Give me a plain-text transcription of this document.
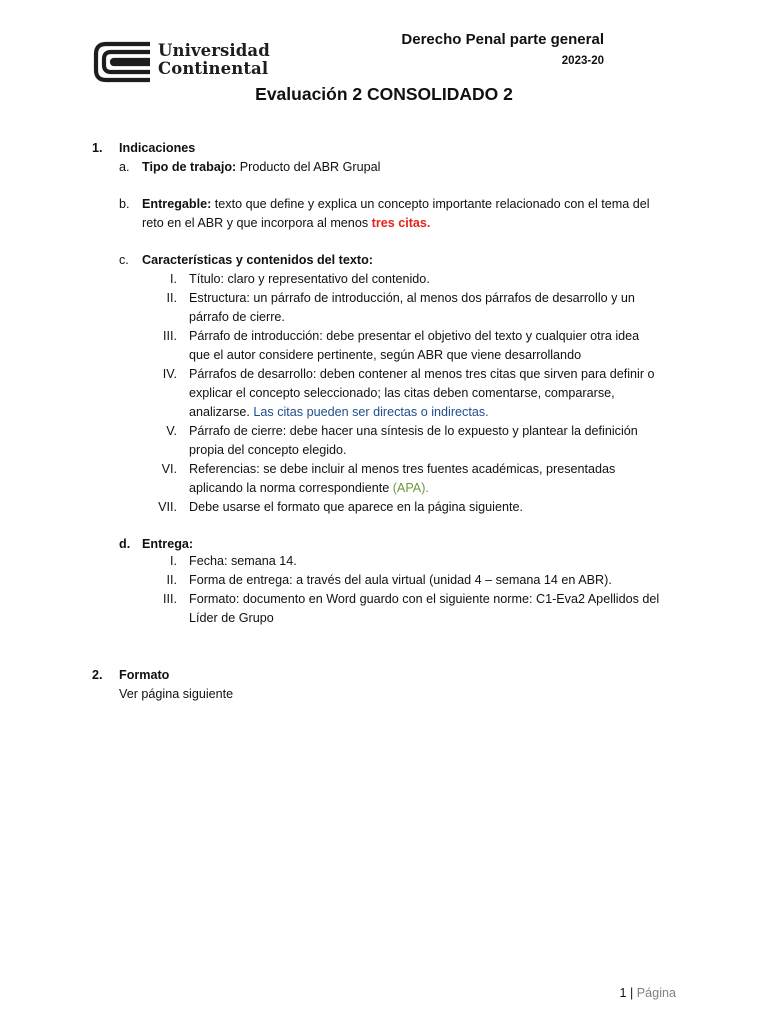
Universidad
Continental
Derecho Penal parte general
2023-20
Evaluación 2 CONSOLIDADO 2
1. Indicaciones
a. Tipo de trabajo: Producto del ABR Grupal
b. Entregable: texto que define y explica un concepto importante relacionado con el tema del
reto en el ABR y que incorpora al menos tres citas.
c. Características y contenidos del texto:
I. Título: claro y representativo del contenido.
II. Estructura: un párrafo de introducción, al menos dos párrafos de desarrollo y un
párrafo de cierre.
III. Párrafo de introducción: debe presentar el objetivo del texto y cualquier otra idea
que el autor considere pertinente, según ABR que viene desarrollando
IV. Párrafos de desarrollo: deben contener al menos tres citas que sirven para definir o
explicar el concepto seleccionado; las citas deben comentarse, compararse,
analizarse. Las citas pueden ser directas o indirectas.
V. Párrafo de cierre: debe hacer una síntesis de lo expuesto y plantear la definición
propia del concepto elegido.
VI. Referencias: se debe incluir al menos tres fuentes académicas, presentadas
aplicando la norma correspondiente (APA).
VII. Debe usarse el formato que aparece en la página siguiente.
d. Entrega:
I. Fecha: semana 14.
II. Forma de entrega: a través del aula virtual (unidad 4 – semana 14 en ABR).
III. Formato: documento en Word guardo con el siguiente norme: C1-Eva2 Apellidos del
Líder de Grupo
2. Formato
Ver página siguiente
1 | Página
